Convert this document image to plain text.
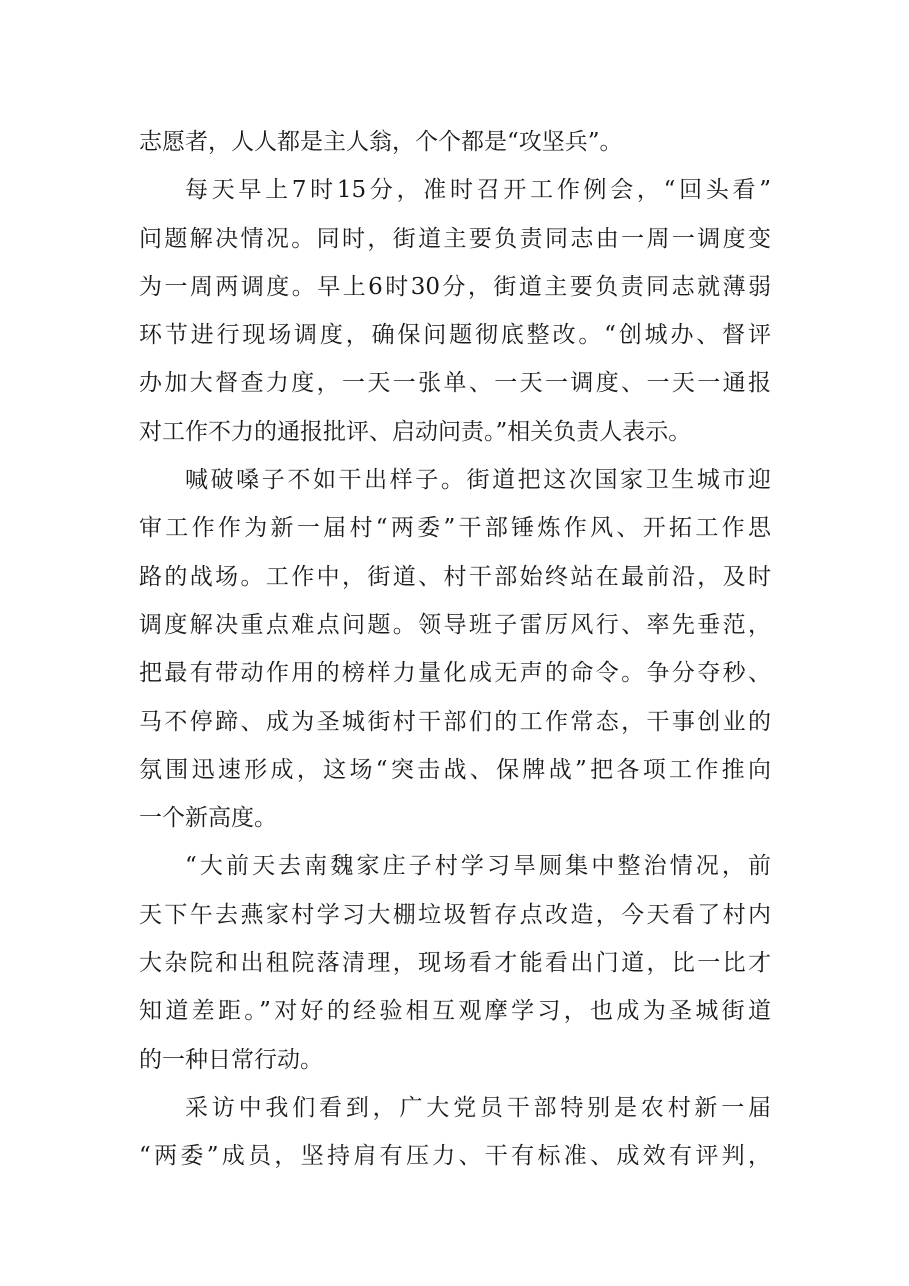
志愿者，人人都是主人翁，个个都是“攻坚兵”。
每天早上7时15分，准时召开工作例会，“回头看”
问题解决情况。同时，街道主要负责同志由一周一调度变
为一周两调度。早上6时30分，街道主要负责同志就薄弱
环节进行现场调度，确保问题彻底整改。“创城办、督评
办加大督查力度，一天一张单、一天一调度、一天一通报
对工作不力的通报批评、启动问责。”相关负责人表示。
喊破嗓子不如干出样子。街道把这次国家卫生城市迎
审工作作为新一届村“两委”干部锤炼作风、开拓工作思
路的战场。工作中，街道、村干部始终站在最前沿，及时
调度解决重点难点问题。领导班子雷厉风行、率先垂范，
把最有带动作用的榜样力量化成无声的命令。争分夺秒、
马不停蹄、成为圣城街村干部们的工作常态，干事创业的
氛围迅速形成，这场“突击战、保牌战”把各项工作推向
一个新高度。
“大前天去南魏家庄子村学习旱厕集中整治情况，前
天下午去燕家村学习大棚垃圾暂存点改造，今天看了村内
大杂院和出租院落清理，现场看才能看出门道，比一比才
知道差距。”对好的经验相互观摩学习，也成为圣城街道
的一种日常行动。
采访中我们看到，广大党员干部特别是农村新一届
“两委”成员，坚持肩有压力、干有标准、成效有评判，
